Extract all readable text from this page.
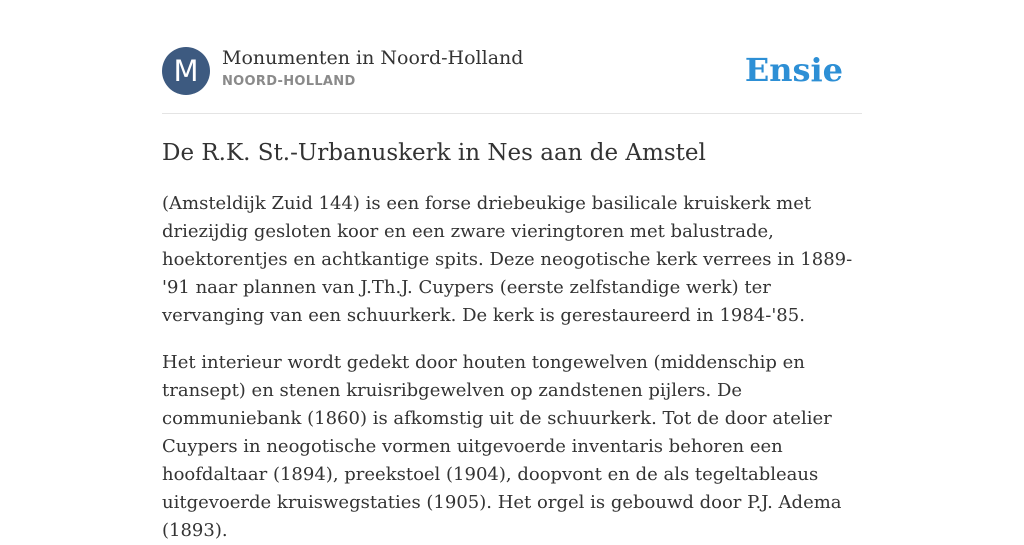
M	Monumenten in Noord-Holland
NOORD-HOLLAND	Ensie
De R.K. St.-Urbanuskerk in Nes aan de Amstel

(Amsteldijk Zuid 144) is een forse driebeukige basilicale kruiskerk met driezijdig gesloten koor en een zware vieringtoren met balustrade, hoektorentjes en achtkantige spits. Deze neogotische kerk verrees in 1889-'91 naar plannen van J.Th.J. Cuypers (eerste zelfstandige werk) ter vervanging van een schuurkerk. De kerk is gerestaureerd in 1984-'85.

Het interieur wordt gedekt door houten tongewelven (middenschip en transept) en stenen kruisribgewelven op zandstenen pijlers. De communiebank (1860) is afkomstig uit de schuurkerk. Tot de door atelier Cuypers in neogotische vormen uitgevoerde inventaris behoren een hoofdaltaar (1894), preekstoel (1904), doopvont en de als tegeltableaus uitgevoerde kruiswegstaties (1905). Het orgel is gebouwd door P.J. Adema (1893).
